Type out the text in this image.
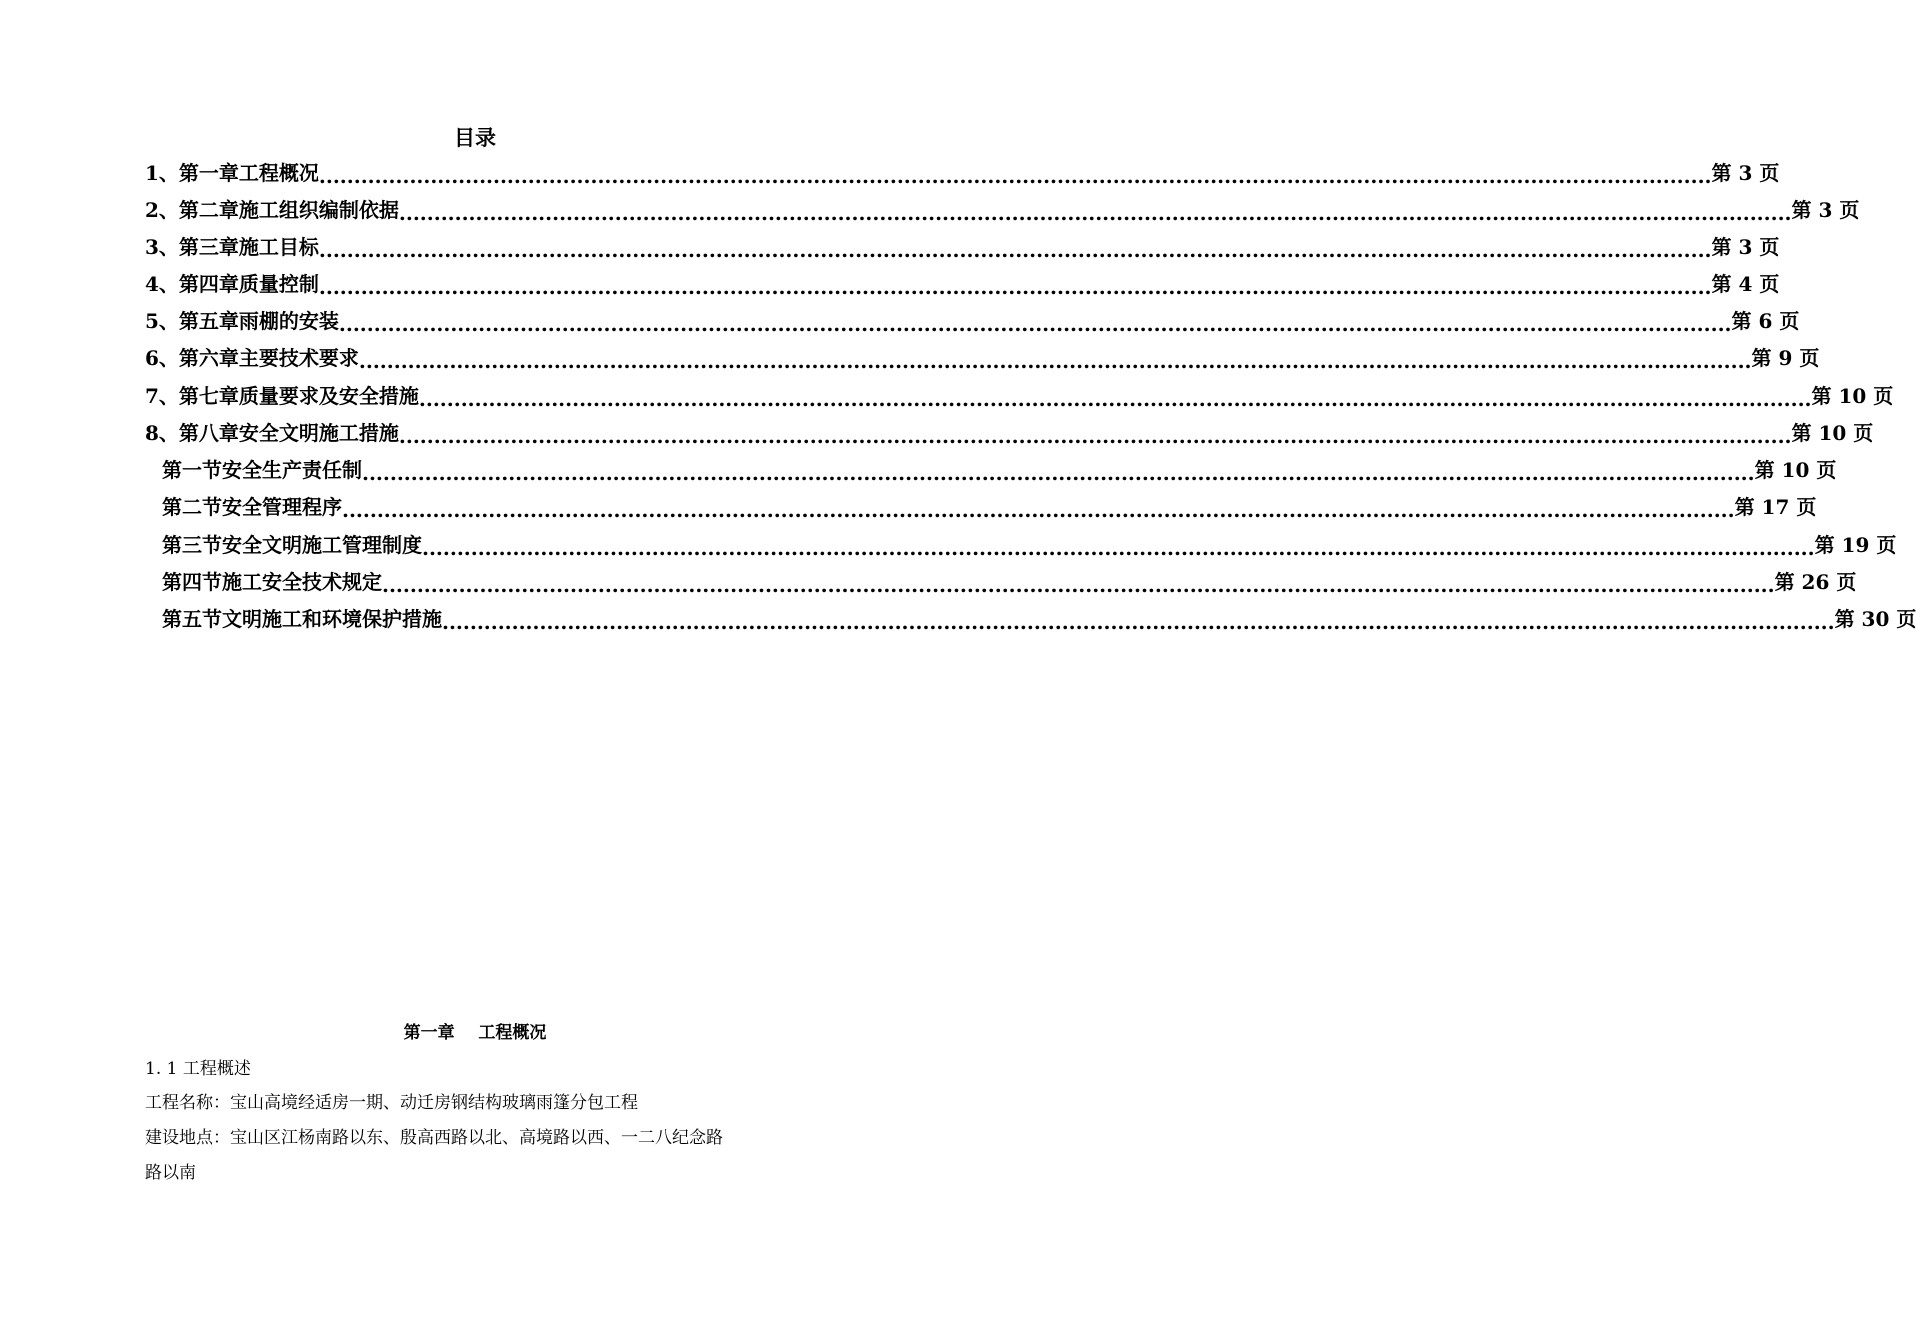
目录
1、第一章工程概况 ........................................................................................................................................................................................................ 第 3 页
2、第二章施工组织编制依据 ........................................................................................................................................................................................................ 第 3 页
3、第三章施工目标 ........................................................................................................................................................................................................ 第 3 页
4、第四章质量控制 ........................................................................................................................................................................................................ 第 4 页
5、第五章雨棚的安装 ........................................................................................................................................................................................................ 第 6 页
6、第六章主要技术要求 ........................................................................................................................................................................................................ 第 9 页
7、第七章质量要求及安全措施 ........................................................................................................................................................................................................ 第 10 页
8、第八章安全文明施工措施 ........................................................................................................................................................................................................ 第 10 页
第一节安全生产责任制 ........................................................................................................................................................................................................ 第 10 页
第二节安全管理程序 ........................................................................................................................................................................................................ 第 17 页
第三节安全文明施工管理制度 ........................................................................................................................................................................................................ 第 19 页
第四节施工安全技术规定 ........................................................................................................................................................................................................ 第 26 页
第五节文明施工和环境保护措施 ........................................................................................................................................................................................................ 第 30 页
第一章    工程概况
1. 1 工程概述
工程名称：宝山高境经适房一期、动迁房钢结构玻璃雨篷分包工程
建设地点：宝山区江杨南路以东、殷高西路以北、高境路以西、一二八纪念路
路以南
